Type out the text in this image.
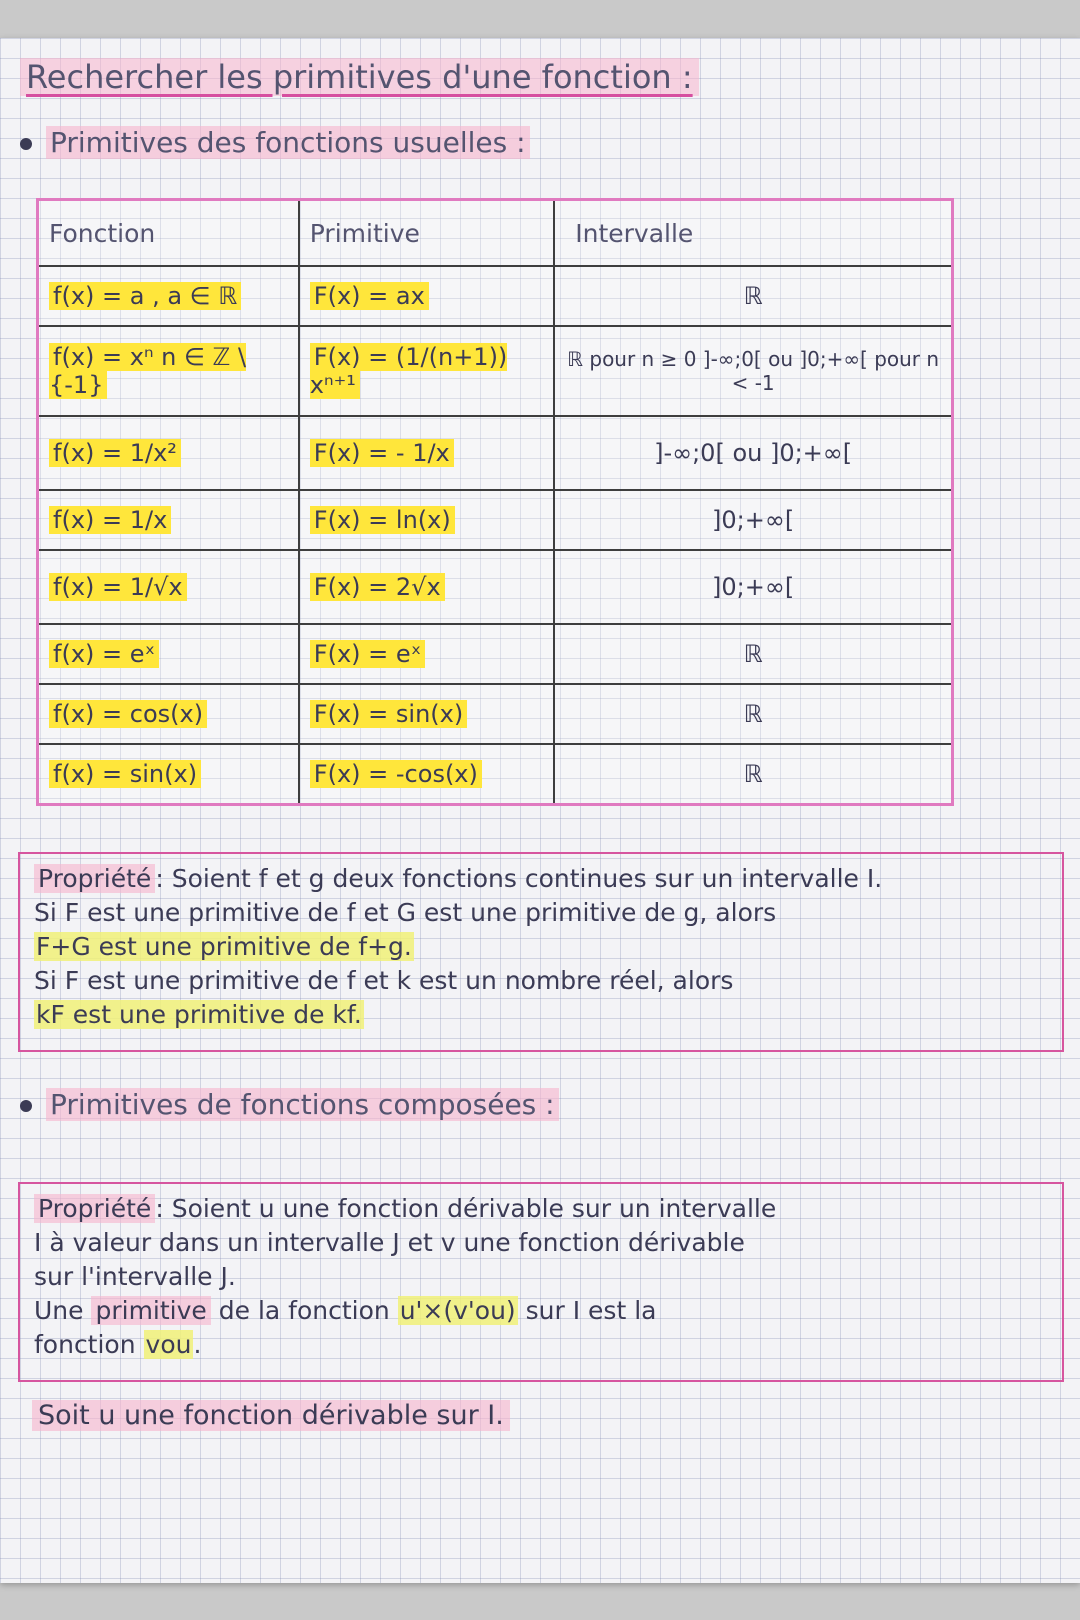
Rechercher les primitives d'une fonction :
Primitives des fonctions usuelles :
Fonction	Primitive	Intervalle
f(x) = a , a ∈ ℝ	F(x) = ax	ℝ
f(x) = xⁿ n ∈ ℤ \ {-1}	F(x) = (1/(n+1)) xⁿ⁺¹	ℝ pour n ≥ 0 ]-∞;0[ ou ]0;+∞[ pour n < -1
f(x) = 1/x²	F(x) = - 1/x	]-∞;0[ ou ]0;+∞[
f(x) = 1/x	F(x) = ln(x)	]0;+∞[
f(x) = 1/√x	F(x) = 2√x	]0;+∞[
f(x) = eˣ	F(x) = eˣ	ℝ
f(x) = cos(x)	F(x) = sin(x)	ℝ
f(x) = sin(x)	F(x) = -cos(x)	ℝ
Propriété : Soient f et g deux fonctions continues sur un intervalle I.
Si F est une primitive de f et G est une primitive de g, alors
F+G est une primitive de f+g.
Si F est une primitive de f et k est un nombre réel, alors
kF est une primitive de kf.
Primitives de fonctions composées :
Propriété : Soient u une fonction dérivable sur un intervalle
I à valeur dans un intervalle J et v une fonction dérivable
sur l'intervalle J.
Une primitive de la fonction u'×(v'ou) sur I est la
fonction vou.
Soit u une fonction dérivable sur I.
